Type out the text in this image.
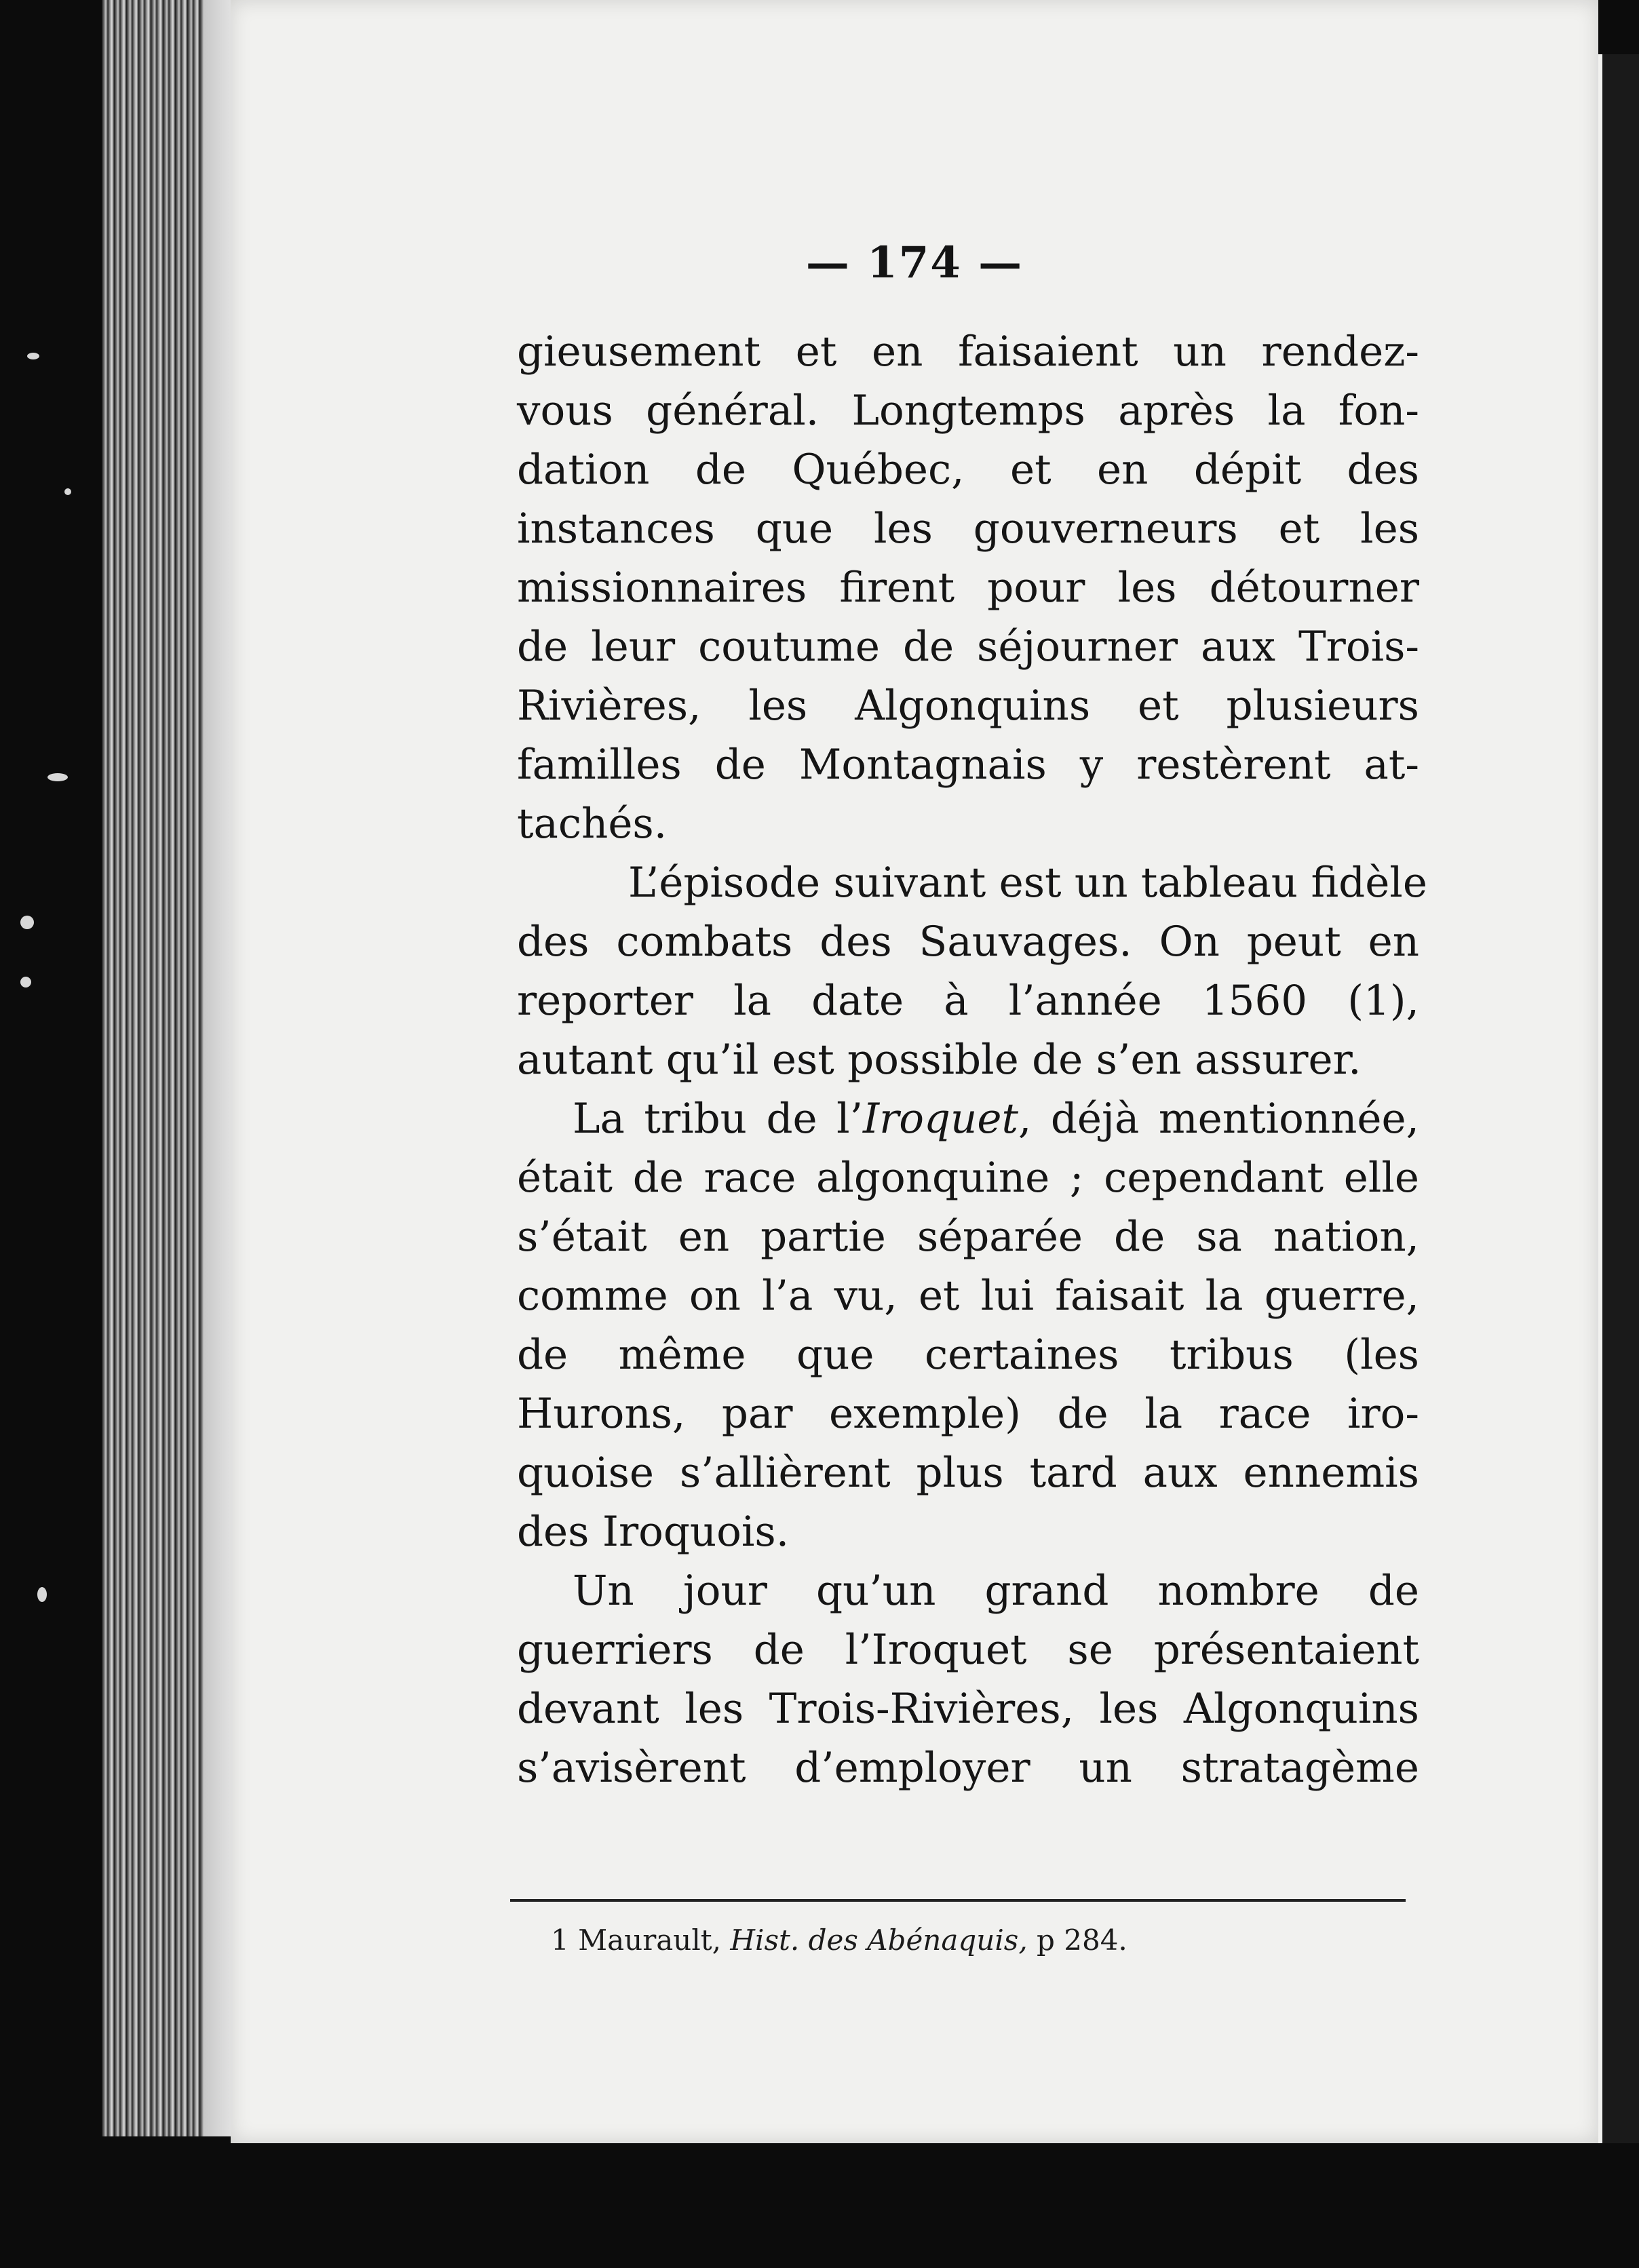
— 174 —
gieusement et en faisaient un rendez-
vous général. Longtemps après la fon-
dation de Québec, et en dépit des
instances que les gouverneurs et les
missionnaires firent pour les détourner
de leur coutume de séjourner aux Trois-
Rivières, les Algonquins et plusieurs
familles de Montagnais y restèrent at-
tachés.
L’épisode suivant est un tableau fidèle
des combats des Sauvages. On peut en
reporter la date à l’année 1560 (1),
autant qu’il est possible de s’en assurer.
La tribu de l’Iroquet, déjà mentionnée,
était de race algonquine ; cependant elle
s’était en partie séparée de sa nation,
comme on l’a vu, et lui faisait la guerre,
de même que certaines tribus (les
Hurons, par exemple) de la race iro-
quoise s’allièrent plus tard aux ennemis
des Iroquois.
Un jour qu’un grand nombre de
guerriers de l’Iroquet se présentaient
devant les Trois-Rivières, les Algonquins
s’avisèrent d’employer un stratagème
1 Maurault, Hist. des Abénaquis, p 284.
